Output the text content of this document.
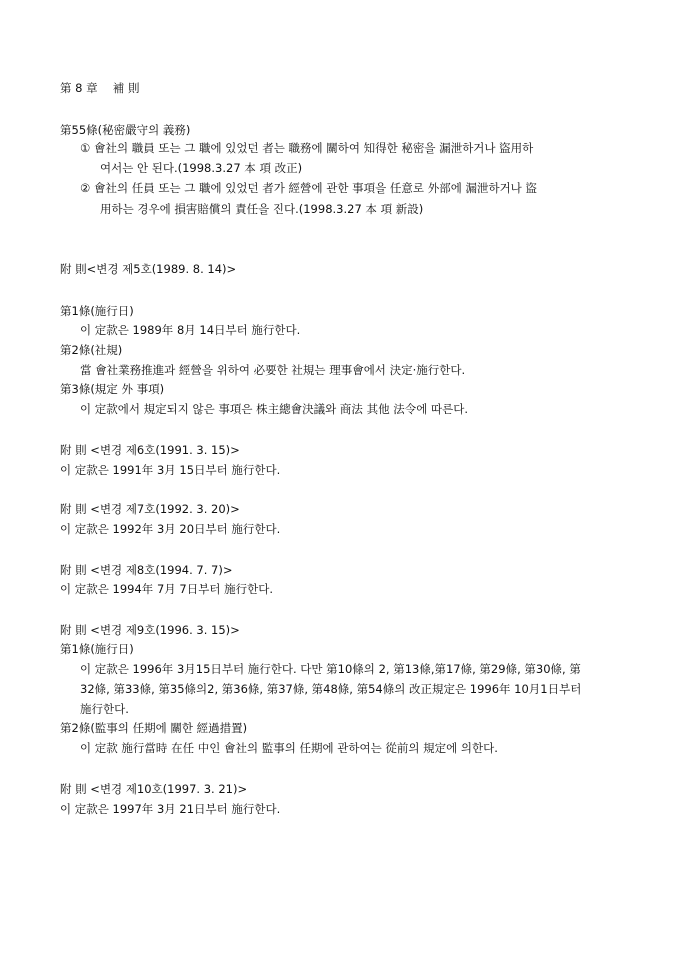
第 8 章　 補 則
第55條(秘密嚴守의 義務)
① 會社의 職員 또는 그 職에 있었던 者는 職務에 關하여 知得한 秘密을 漏泄하거나 盜用하
여서는 안 된다.(1998.3.27 本 項 改正)
② 會社의 任員 또는 그 職에 있었던 者가 經營에 관한 事項을 任意로 外部에 漏泄하거나 盜
用하는 경우에 損害賠償의 責任을 진다.(1998.3.27 本 項 新設)
附 則<변경 제5호(1989. 8. 14)>
第1條(施行日)
이 定款은 1989年 8月 14日부터 施行한다.
第2條(社規)
當 會社業務推進과 經營을 위하여 必要한 社規는 理事會에서 決定·施行한다.
第3條(規定 外 事項)
이 定款에서 規定되지 않은 事項은 株主總會決議와 商法 其他 法令에 따른다.
附 則 <변경 제6호(1991. 3. 15)>
이 定款은 1991年 3月 15日부터 施行한다.
附 則 <변경 제7호(1992. 3. 20)>
이 定款은 1992年 3月 20日부터 施行한다.
附 則 <변경 제8호(1994. 7. 7)>
이 定款은 1994年 7月 7日부터 施行한다.
附 則 <변경 제9호(1996. 3. 15)>
第1條(施行日)
이 定款은 1996年 3月15日부터 施行한다. 다만 第10條의 2, 第13條,第17條, 第29條, 第30條, 第
32條, 第33條, 第35條의2, 第36條, 第37條, 第48條, 第54條의 改正規定은 1996年 10月1日부터
施行한다.
第2條(監事의 任期에 關한 經過措置)
이 定款 施行當時 在任 中인 會社의 監事의 任期에 관하여는 從前의 規定에 의한다.
附 則 <변경 제10호(1997. 3. 21)>
이 定款은 1997年 3月 21日부터 施行한다.
